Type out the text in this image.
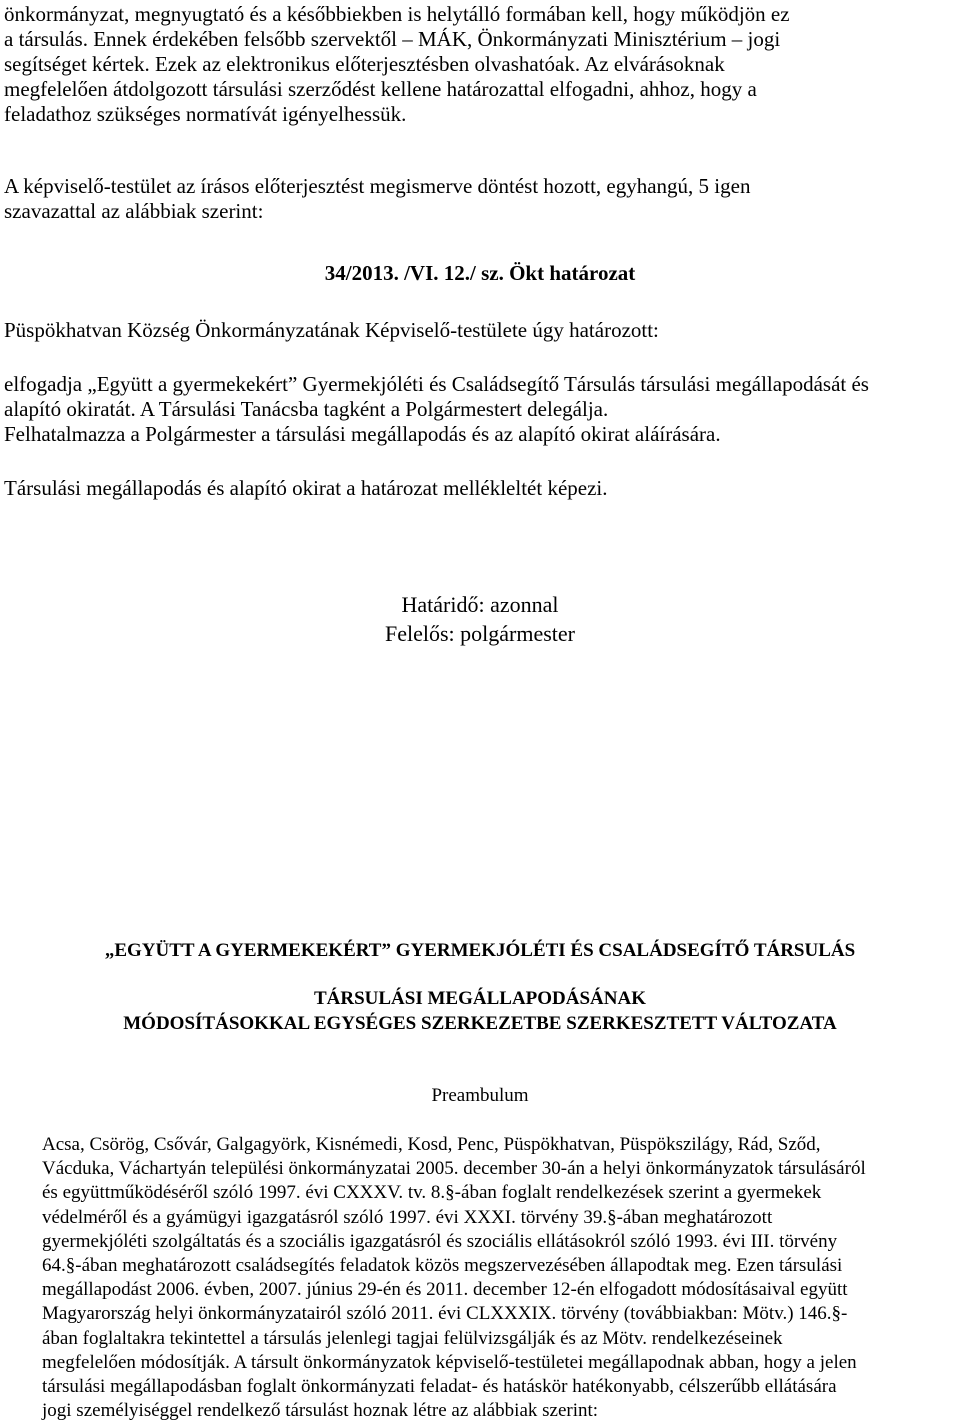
önkormányzat, megnyugtató és a későbbiekben is helytálló formában kell, hogy működjön ez
a társulás. Ennek érdekében felsőbb szervektől – MÁK, Önkormányzati Minisztérium – jogi
segítséget kértek. Ezek az elektronikus előterjesztésben olvashatóak. Az elvárásoknak
megfelelően átdolgozott társulási szerződést kellene határozattal elfogadni, ahhoz, hogy a
feladathoz szükséges normatívát igényelhessük.
A képviselő-testület az írásos előterjesztést megismerve döntést hozott, egyhangú, 5 igen
szavazattal az alábbiak szerint:
34/2013. /VI. 12./ sz. Ökt határozat
Püspökhatvan Község Önkormányzatának Képviselő-testülete úgy határozott:
elfogadja „Együtt a gyermekekért” Gyermekjóléti és Családsegítő Társulás társulási megállapodását és
alapító okiratát. A Társulási Tanácsba tagként a Polgármestert delegálja.
Felhatalmazza a Polgármester a társulási megállapodás és az alapító okirat aláírására.
Társulási megállapodás és alapító okirat a határozat mellékleltét képezi.
Határidő: azonnal
Felelős: polgármester
„EGYÜTT A GYERMEKEKÉRT” GYERMEKJÓLÉTI ÉS CSALÁDSEGÍTŐ TÁRSULÁS
TÁRSULÁSI MEGÁLLAPODÁSÁNAK
MÓDOSÍTÁSOKKAL EGYSÉGES SZERKEZETBE SZERKESZTETT VÁLTOZATA
Preambulum
Acsa, Csörög, Csővár, Galgagyörk, Kisnémedi, Kosd, Penc, Püspökhatvan, Püspökszilágy, Rád, Sződ,
Vácduka, Váchartyán települési önkormányzatai 2005. december 30-án a helyi önkormányzatok társulásáról
és együttműködéséről szóló 1997. évi CXXXV. tv. 8.§-ában foglalt rendelkezések szerint a gyermekek
védelméről és a gyámügyi igazgatásról szóló 1997. évi XXXI. törvény 39.§-ában meghatározott
gyermekjóléti szolgáltatás és a szociális igazgatásról és szociális ellátásokról szóló 1993. évi III. törvény
64.§-ában meghatározott családsegítés feladatok közös megszervezésében állapodtak meg. Ezen társulási
megállapodást 2006. évben, 2007. június 29-én és 2011. december 12-én elfogadott módosításaival együtt
Magyarország helyi önkormányzatairól szóló 2011. évi CLXXXIX. törvény (továbbiakban: Mötv.) 146.§-
ában foglaltakra tekintettel a társulás jelenlegi tagjai felülvizsgálják és az Mötv. rendelkezéseinek
megfelelően módosítják. A társult önkormányzatok képviselő-testületei megállapodnak abban, hogy a jelen
társulási megállapodásban foglalt önkormányzati feladat- és hatáskör hatékonyabb, célszerűbb ellátására
jogi személyiséggel rendelkező társulást hoznak létre az alábbiak szerint:
